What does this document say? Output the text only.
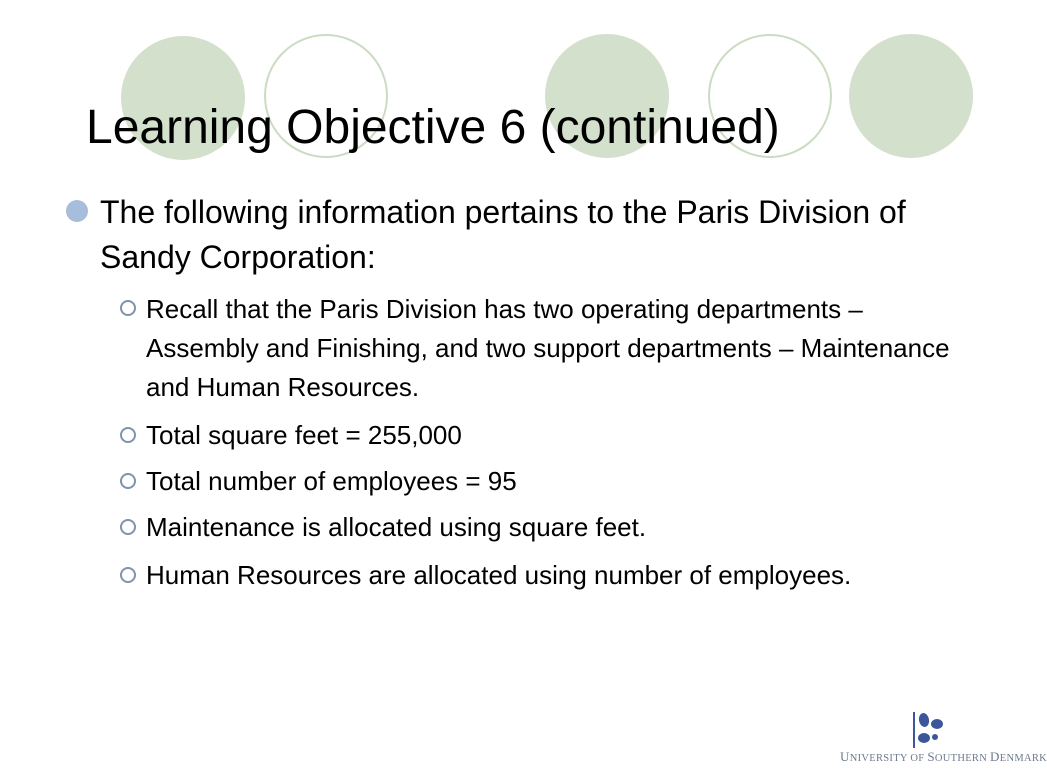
Learning Objective 6 (continued)
The following information pertains to the Paris Division of Sandy Corporation:
Recall that the Paris Division has two operating departments – Assembly and Finishing, and two support departments – Maintenance and Human Resources.
Total square feet = 255,000
Total number of employees = 95
Maintenance is allocated using square feet.
Human Resources are allocated using number of employees.
UNIVERSITY OF SOUTHERN DENMARK
